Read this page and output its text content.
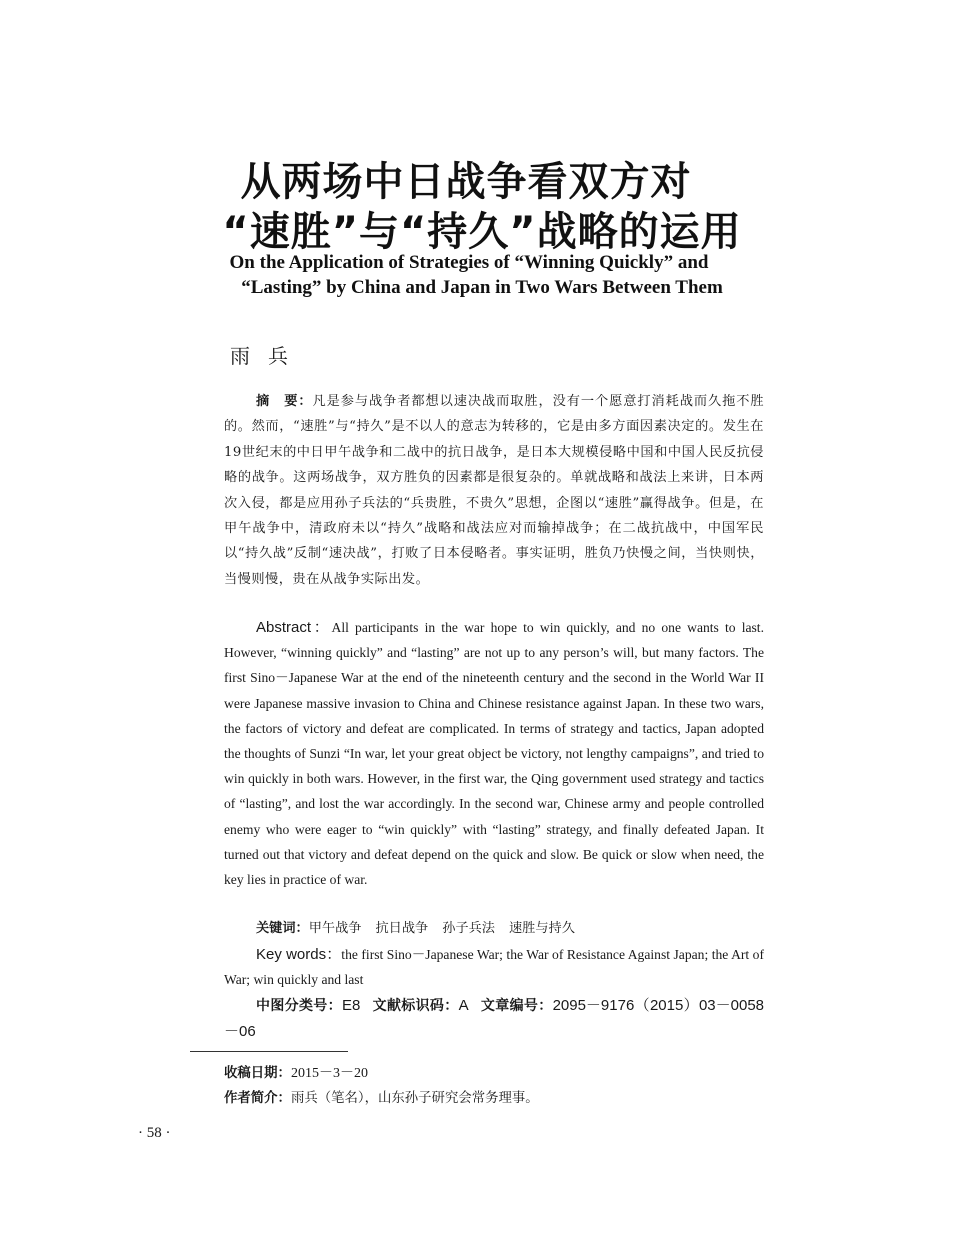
从两场中日战争看双方对
“速胜”与“持久”战略的运用
On the Application of Strategies of “Winning Quickly” and
“Lasting” by China and Japan in Two Wars Between Them
雨兵
摘　要：凡是参与战争者都想以速决战而取胜，没有一个愿意打消耗战而久拖不胜的。然而，“速胜”与“持久”是不以人的意志为转移的，它是由多方面因素决定的。发生在19世纪末的中日甲午战争和二战中的抗日战争，是日本大规模侵略中国和中国人民反抗侵略的战争。这两场战争，双方胜负的因素都是很复杂的。单就战略和战法上来讲，日本两次入侵，都是应用孙子兵法的“兵贵胜，不贵久”思想，企图以“速胜”赢得战争。但是，在甲午战争中，清政府未以“持久”战略和战法应对而输掉战争；在二战抗战中，中国军民以“持久战”反制“速决战”，打败了日本侵略者。事实证明，胜负乃快慢之间，当快则快，当慢则慢，贵在从战争实际出发。
Abstract：All participants in the war hope to win quickly, and no one wants to last. However, “winning quickly” and “lasting” are not up to any person’s will, but many factors. The first Sino－Japanese War at the end of the nineteenth century and the second in the World War II were Japanese massive invasion to China and Chinese resistance against Japan. In these two wars, the factors of victory and defeat are complicated. In terms of strategy and tactics, Japan adopted the thoughts of Sunzi “In war, let your great object be victory, not lengthy campaigns”, and tried to win quickly in both wars. However, in the first war, the Qing government used strategy and tactics of “lasting”, and lost the war accordingly. In the second war, Chinese army and people controlled enemy who were eager to “win quickly” with “lasting” strategy, and finally defeated Japan. It turned out that victory and defeat depend on the quick and slow. Be quick or slow when need, the key lies in practice of war.
关键词：甲午战争 抗日战争 孙子兵法 速胜与持久
Key words：the first Sino－Japanese War; the War of Resistance Against Japan; the Art of War; win quickly and last
中图分类号：E8 文献标识码：A 文章编号：2095－9176（2015）03－0058－06
收稿日期：2015－3－20
作者简介：雨兵（笔名），山东孙子研究会常务理事。
· 58 ·
